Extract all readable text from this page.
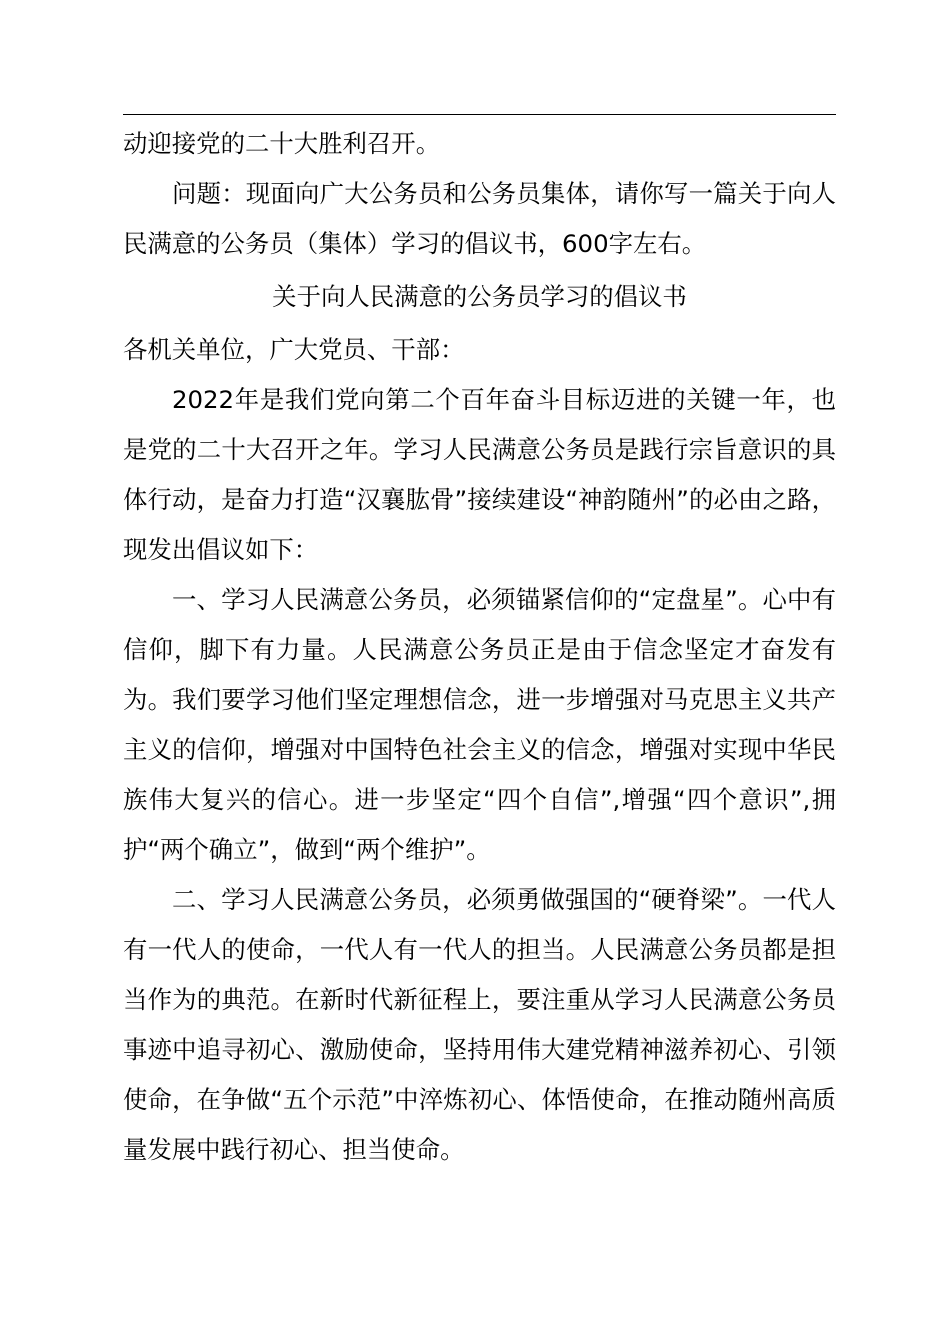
动迎接党的二十大胜利召开。

问题：现面向广大公务员和公务员集体，请你写一篇关于向人民满意的公务员（集体）学习的倡议书，600字左右。

关于向人民满意的公务员学习的倡议书

各机关单位，广大党员、干部：

2022年是我们党向第二个百年奋斗目标迈进的关键一年，也是党的二十大召开之年。学习人民满意公务员是践行宗旨意识的具体行动，是奋力打造“汉襄肱骨”接续建设“神韵随州”的必由之路，现发出倡议如下：

一、学习人民满意公务员，必须锚紧信仰的“定盘星”。心中有信仰，脚下有力量。人民满意公务员正是由于信念坚定才奋发有为。我们要学习他们坚定理想信念，进一步增强对马克思主义共产主义的信仰，增强对中国特色社会主义的信念，增强对实现中华民族伟大复兴的信心。进一步坚定“四个自信”,增强“四个意识”,拥护“两个确立”，做到“两个维护”。

二、学习人民满意公务员，必须勇做强国的“硬脊梁”。一代人有一代人的使命，一代人有一代人的担当。人民满意公务员都是担当作为的典范。在新时代新征程上，要注重从学习人民满意公务员事迹中追寻初心、激励使命，坚持用伟大建党精神滋养初心、引领使命，在争做“五个示范”中淬炼初心、体悟使命，在推动随州高质量发展中践行初心、担当使命。
